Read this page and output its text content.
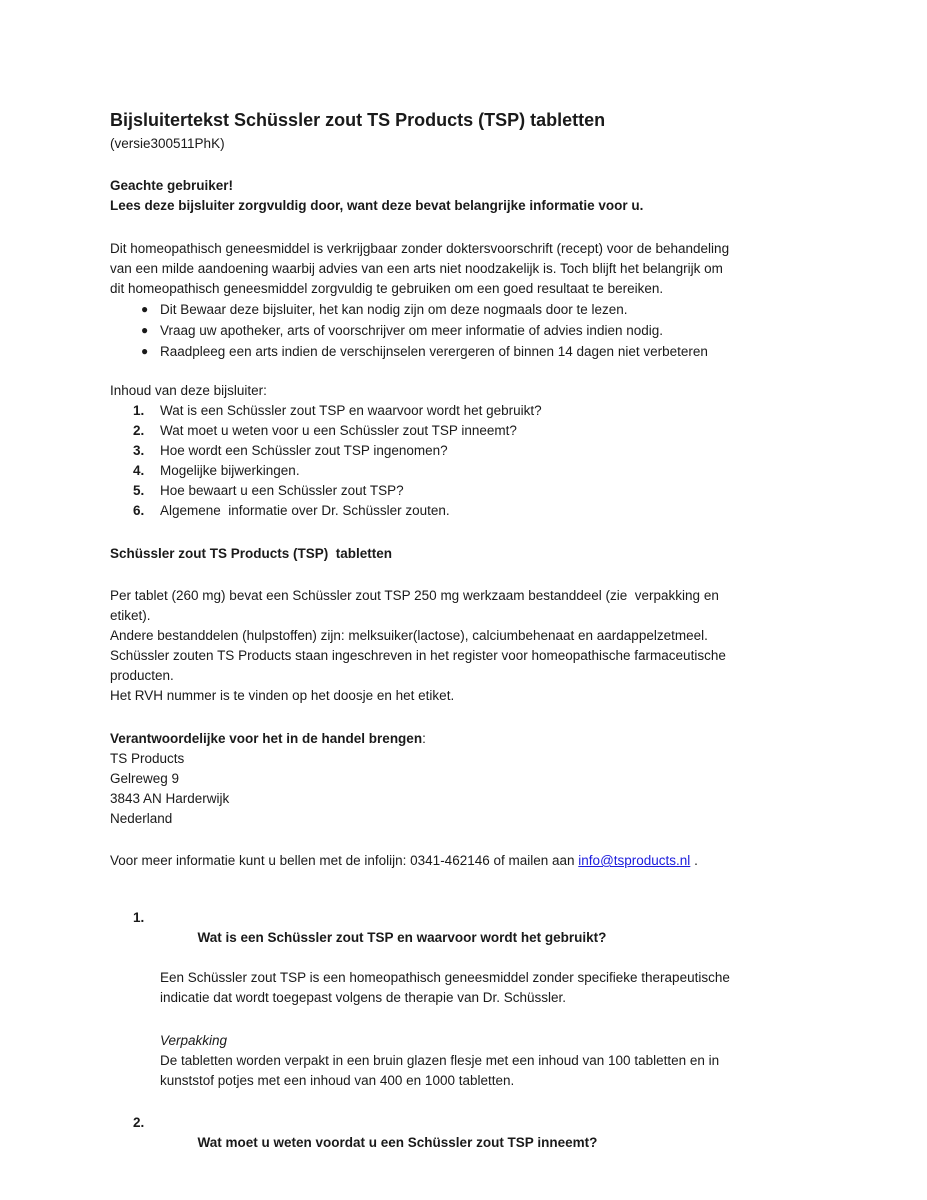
Bijsluitertekst Schüssler zout TS Products (TSP) tabletten
(versie300511PhK)
Geachte gebruiker!
Lees deze bijsluiter zorgvuldig door, want deze bevat belangrijke informatie voor u.
Dit homeopathisch geneesmiddel is verkrijgbaar zonder doktersvoorschrift (recept) voor de behandeling
van een milde aandoening waarbij advies van een arts niet noodzakelijk is. Toch blijft het belangrijk om
dit homeopathisch geneesmiddel zorgvuldig te gebruiken om een goed resultaat te bereiken.
● Dit Bewaar deze bijsluiter, het kan nodig zijn om deze nogmaals door te lezen.
● Vraag uw apotheker, arts of voorschrijver om meer informatie of advies indien nodig.
● Raadpleeg een arts indien de verschijnselen verergeren of binnen 14 dagen niet verbeteren
Inhoud van deze bijsluiter:
1. Wat is een Schüssler zout TSP en waarvoor wordt het gebruikt?
2. Wat moet u weten voor u een Schüssler zout TSP inneemt?
3. Hoe wordt een Schüssler zout TSP ingenomen?
4. Mogelijke bijwerkingen.
5. Hoe bewaart u een Schüssler zout TSP?
6. Algemene  informatie over Dr. Schüssler zouten.
Schüssler zout TS Products (TSP)  tabletten
Per tablet (260 mg) bevat een Schüssler zout TSP 250 mg werkzaam bestanddeel (zie  verpakking en
etiket).
Andere bestanddelen (hulpstoffen) zijn: melksuiker(lactose), calciumbehenaat en aardappelzetmeel.
Schüssler zouten TS Products staan ingeschreven in het register voor homeopathische farmaceutische
producten.
Het RVH nummer is te vinden op het doosje en het etiket.
Verantwoordelijke voor het in de handel brengen:
TS Products
Gelreweg 9
3843 AN Harderwijk
Nederland
Voor meer informatie kunt u bellen met de infolijn: 0341-462146 of mailen aan info@tsproducts.nl .

1.
Wat is een Schüssler zout TSP en waarvoor wordt het gebruikt?

Een Schüssler zout TSP is een homeopathisch geneesmiddel zonder specifieke therapeutische
indicatie dat wordt toegepast volgens de therapie van Dr. Schüssler.
Verpakking
De tabletten worden verpakt in een bruin glazen flesje met een inhoud van 100 tabletten en in
kunststof potjes met een inhoud van 400 en 1000 tabletten.

2.
Wat moet u weten voordat u een Schüssler zout TSP inneemt?
